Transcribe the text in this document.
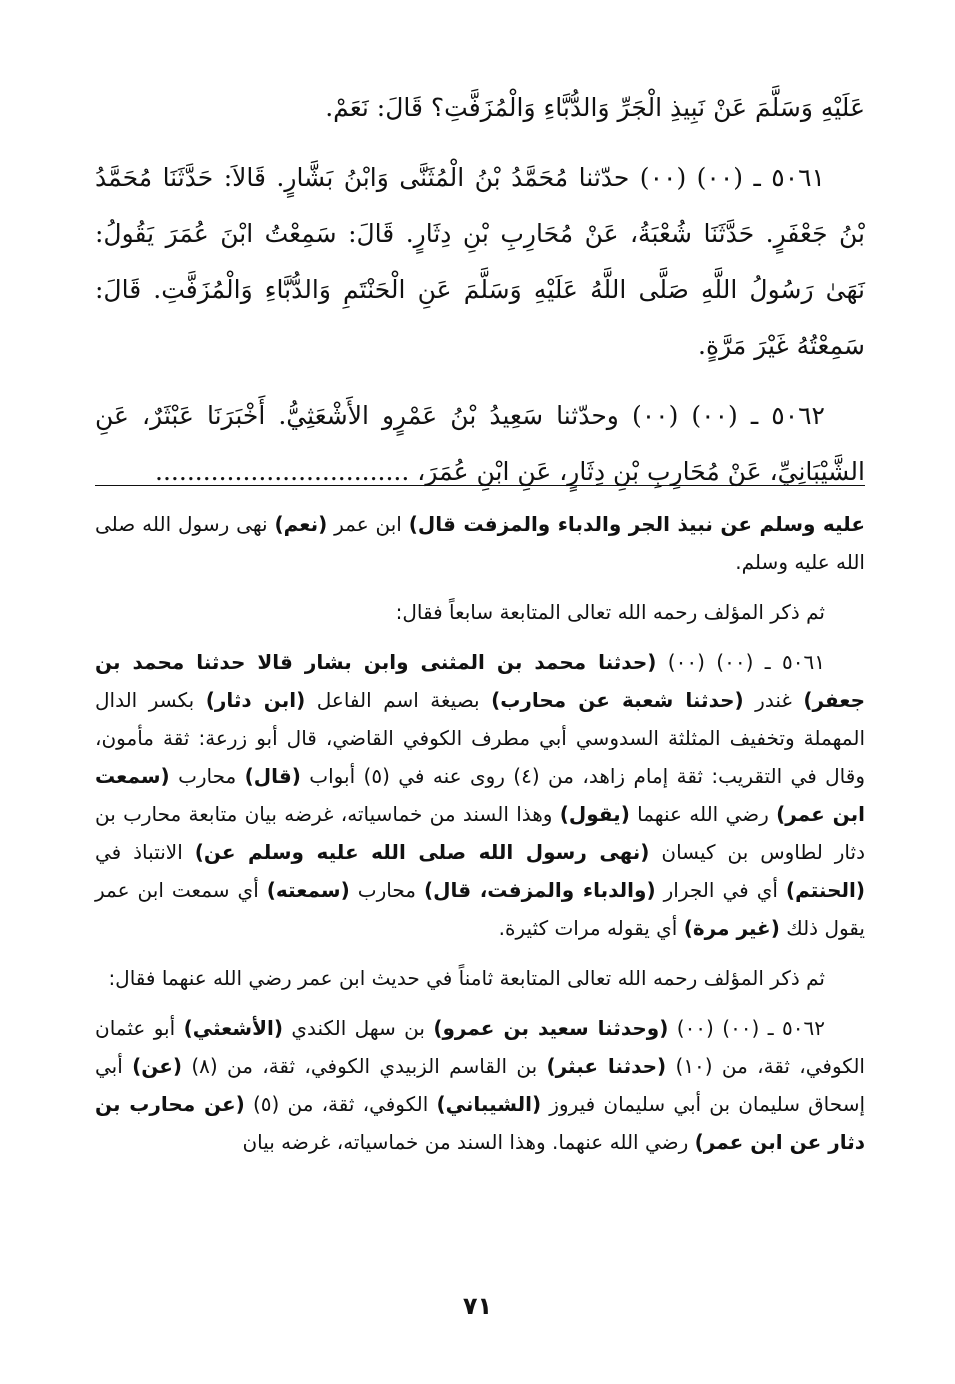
عَلَيْهِ وَسَلَّمَ عَنْ نَبِيذِ الْجَرِّ وَالدُّبَّاءِ وَالْمُزَفَّتِ؟ قَالَ: نَعَمْ.

٥٠٦١ ـ (٠٠) (٠٠) حدّثنا مُحَمَّدُ بْنُ الْمُثَنَّى وَابْنُ بَشَّارٍ. قَالاَ: حَدَّثَنَا مُحَمَّدُ بْنُ جَعْفَرٍ. حَدَّثَنَا شُعْبَةُ، عَنْ مُحَارِبِ بْنِ دِثَارٍ. قَالَ: سَمِعْتُ ابْنَ عُمَرَ يَقُولُ: نَهَىٰ رَسُولُ اللَّهِ صَلَّى اللَّهُ عَلَيْهِ وَسَلَّمَ عَنِ الْحَنْتَمِ وَالدُّبَّاءِ وَالْمُزَفَّتِ. قَالَ: سَمِعْتُهُ غَيْرَ مَرَّةٍ.

٥٠٦٢ ـ (٠٠) (٠٠) وحدّثنا سَعِيدُ بْنُ عَمْرٍو الأَشْعَثِيُّ. أَخْبَرَنَا عَبْثَرٌ، عَنِ الشَّيْبَانِيِّ، عَنْ مُحَارِبِ بْنِ دِثَارٍ، عَنِ ابْنِ عُمَرَ، ................................

عليه وسلم عن نبيذ الجر والدباء والمزفت قال) ابن عمر (نعم) نهى رسول الله صلى الله عليه وسلم.

ثم ذكر المؤلف رحمه الله تعالى المتابعة سابعاً فقال:

٥٠٦١ ـ (٠٠) (٠٠) (حدثنا محمد بن المثنى وابن بشار قالا حدثنا محمد بن جعفر) غندر (حدثنا شعبة عن محارب) بصيغة اسم الفاعل (ابن دثار) بكسر الدال المهملة وتخفيف المثلثة السدوسي أبي مطرف الكوفي القاضي، قال أبو زرعة: ثقة مأمون، وقال في التقريب: ثقة إمام زاهد، من (٤) روى عنه في (٥) أبواب (قال) محارب (سمعت ابن عمر) رضي الله عنهما (يقول) وهذا السند من خماسياته، غرضه بيان متابعة محارب بن دثار لطاوس بن كيسان (نهى رسول الله صلى الله عليه وسلم عن) الانتباذ في (الحنتم) أي في الجرار (والدباء والمزفت، قال) محارب (سمعته) أي سمعت ابن عمر يقول ذلك (غير مرة) أي يقوله مرات كثيرة.

ثم ذكر المؤلف رحمه الله تعالى المتابعة ثامناً في حديث ابن عمر رضي الله عنهما فقال:

٥٠٦٢ ـ (٠٠) (٠٠) (وحدثنا سعيد بن عمرو) بن سهل الكندي (الأشعثي) أبو عثمان الكوفي، ثقة، من (١٠) (حدثنا عبثر) بن القاسم الزبيدي الكوفي، ثقة، من (٨) (عن) أبي إسحاق سليمان بن أبي سليمان فيروز (الشيباني) الكوفي، ثقة، من (٥) (عن محارب بن دثار عن ابن عمر) رضي الله عنهما. وهذا السند من خماسياته، غرضه بيان

٧١
